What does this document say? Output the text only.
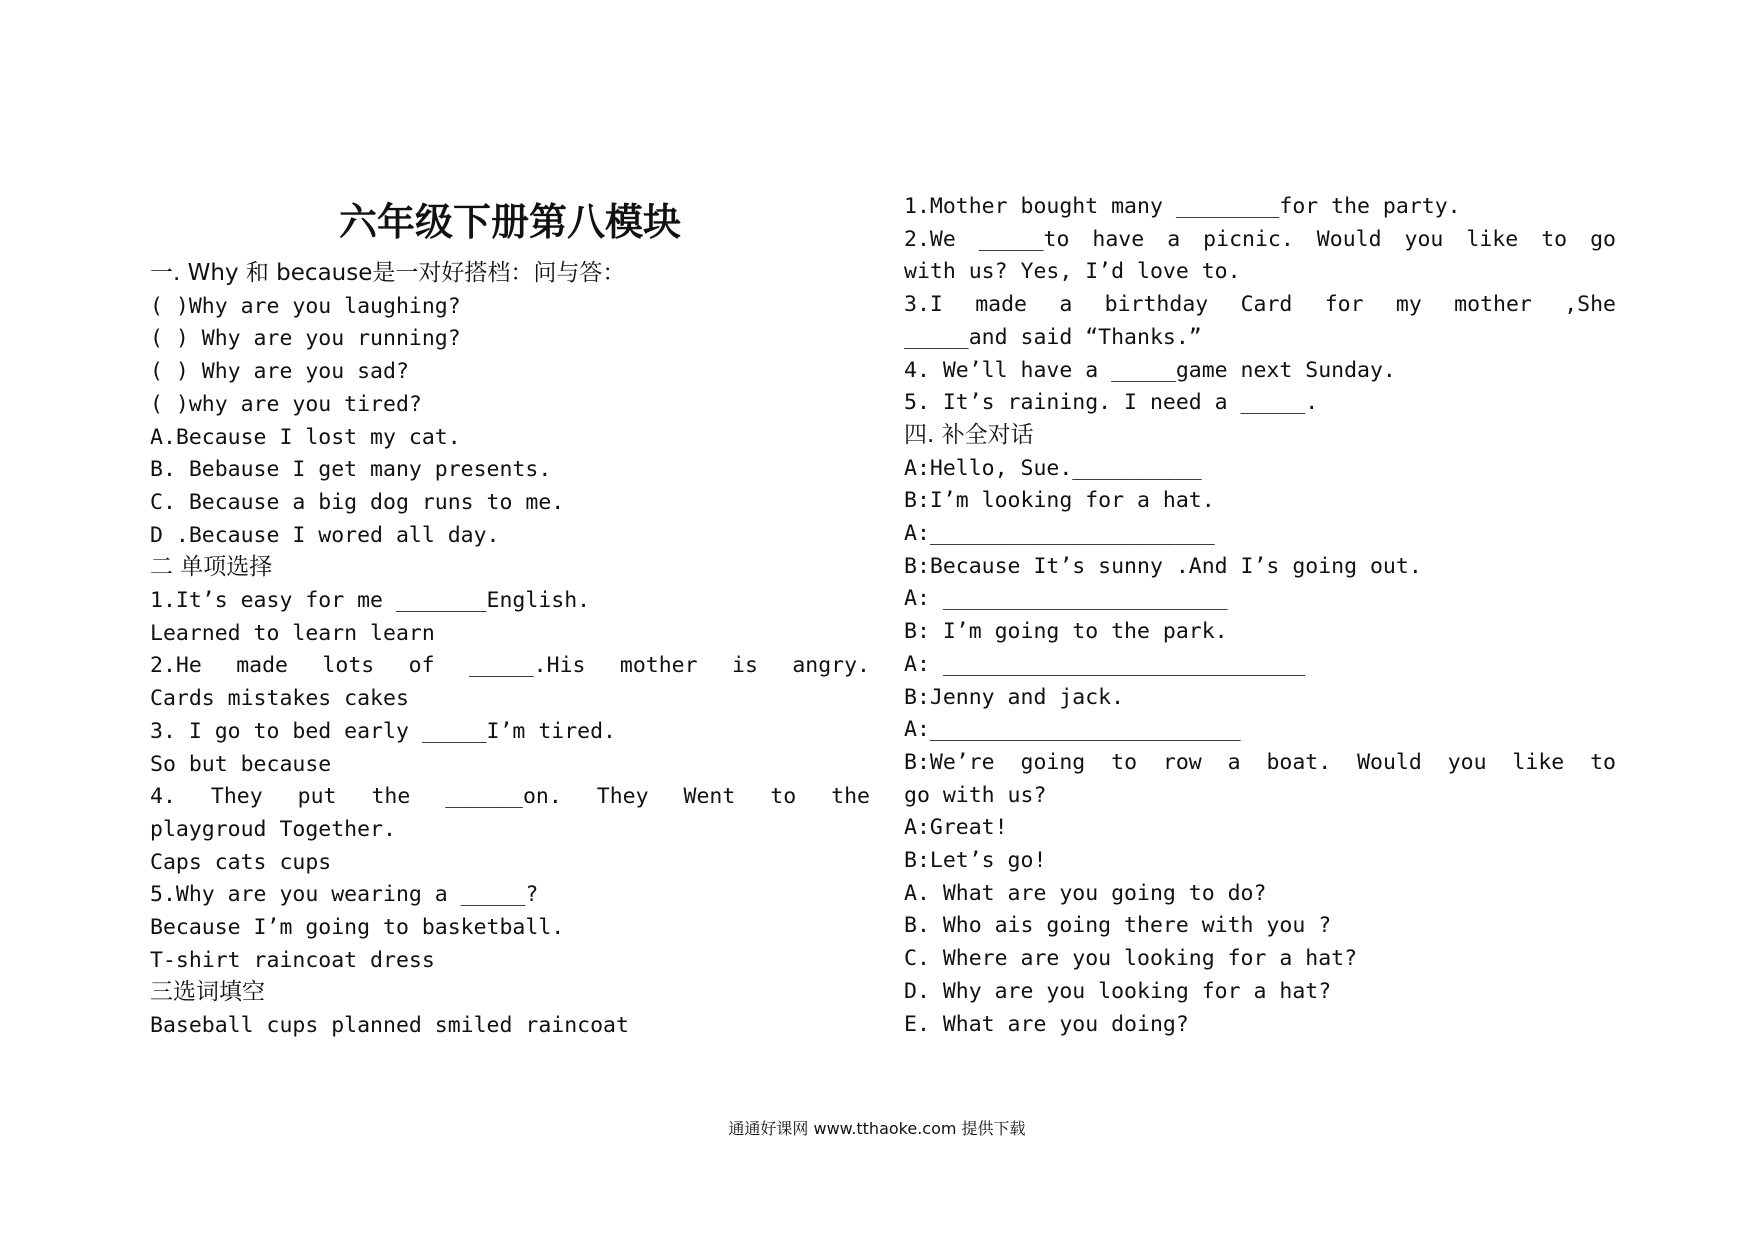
六年级下册第八模块
一. Why 和 because是一对好搭档：问与答：
( )Why are you laughing?
( ) Why are you running?
( ) Why are you sad?
( )why are you tired?
A.Because I lost my cat.
B. Bebause I get many presents.
C. Because a big dog runs to me.
D .Because I wored all day.
二 单项选择
1.It’s easy for me _______English.
Learned to learn learn
2.He made lots of _____.His mother is angry.
Cards mistakes cakes
3. I go to bed early _____I’m tired.
So but because
4. They put the ______on. They Went to the
playgroud Together.
Caps cats cups
5.Why are you wearing a _____?
Because I’m going to basketball.
T-shirt raincoat dress
三选词填空
Baseball cups planned smiled raincoat
1.Mother bought many ________for the party.
2.We _____to have a picnic. Would you like to go
with us? Yes, I’d love to.
3.I made a birthday Card for my mother ,She
_____and said “Thanks.”
4. We’ll have a _____game next Sunday.
5. It’s raining. I need a _____.
四. 补全对话
A:Hello, Sue.__________
B:I’m looking for a hat.
A:______________________
B:Because It’s sunny .And I’s going out.
A: ______________________
B: I’m going to the park.
A: ____________________________
B:Jenny and jack.
A:________________________
B:We’re going to row a boat. Would you like to
go with us?
A:Great!
B:Let’s go!
A. What are you going to do?
B. Who ais going there with you ?
C. Where are you looking for a hat?
D. Why are you looking for a hat?
E. What are you doing?
通通好课网 www.tthaoke.com 提供下载
